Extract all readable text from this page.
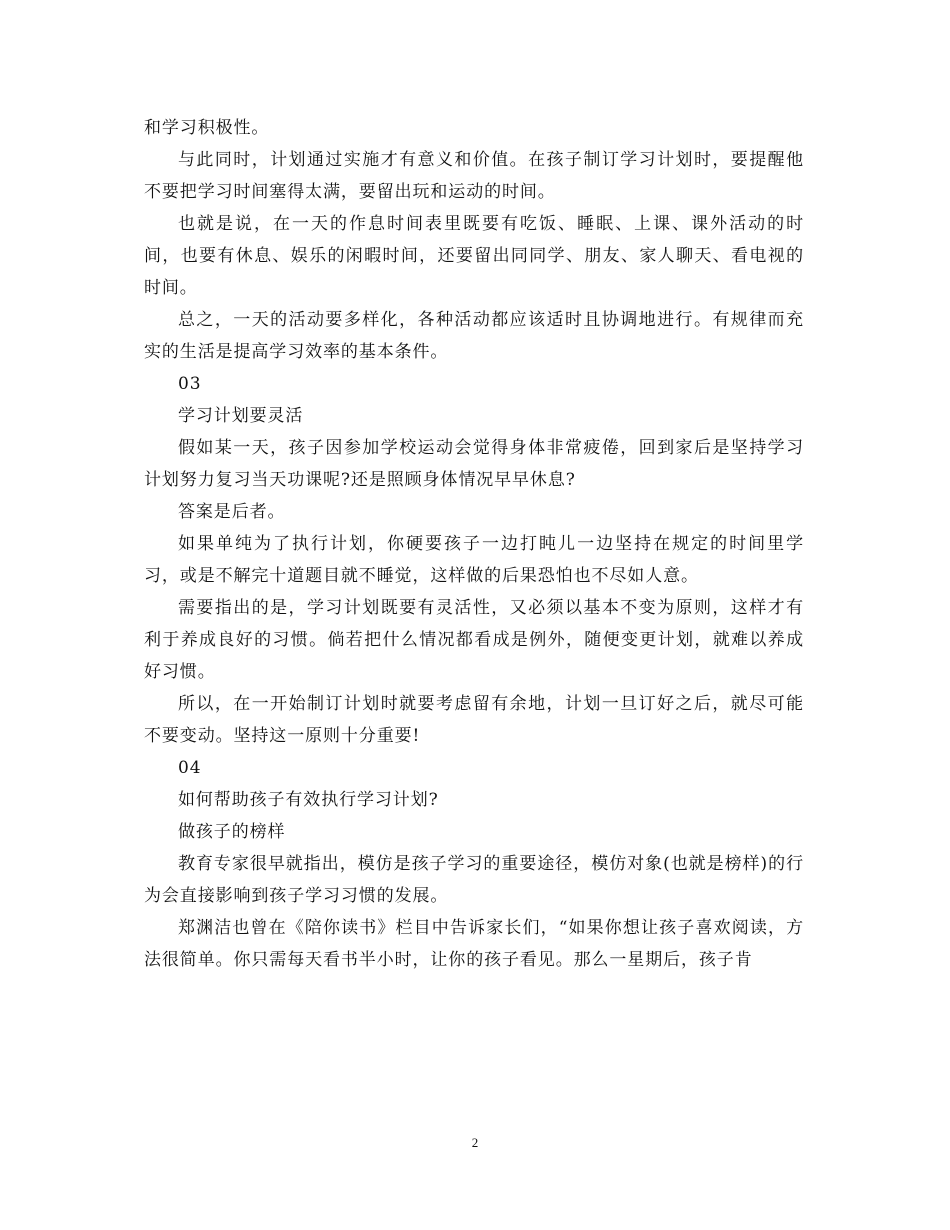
和学习积极性。

与此同时，计划通过实施才有意义和价值。在孩子制订学习计划时，要提醒他不要把学习时间塞得太满，要留出玩和运动的时间。

也就是说，在一天的作息时间表里既要有吃饭、睡眠、上课、课外活动的时间，也要有休息、娱乐的闲暇时间，还要留出同同学、朋友、家人聊天、看电视的时间。

总之，一天的活动要多样化，各种活动都应该适时且协调地进行。有规律而充实的生活是提高学习效率的基本条件。

03

学习计划要灵活

假如某一天，孩子因参加学校运动会觉得身体非常疲倦，回到家后是坚持学习计划努力复习当天功课呢?还是照顾身体情况早早休息?

答案是后者。

如果单纯为了执行计划，你硬要孩子一边打盹儿一边坚持在规定的时间里学习，或是不解完十道题目就不睡觉，这样做的后果恐怕也不尽如人意。

需要指出的是，学习计划既要有灵活性，又必须以基本不变为原则，这样才有利于养成良好的习惯。倘若把什么情况都看成是例外，随便变更计划，就难以养成好习惯。

所以，在一开始制订计划时就要考虑留有余地，计划一旦订好之后，就尽可能不要变动。坚持这一原则十分重要!

04

如何帮助孩子有效执行学习计划?

做孩子的榜样

教育专家很早就指出，模仿是孩子学习的重要途径，模仿对象(也就是榜样)的行为会直接影响到孩子学习习惯的发展。

郑渊洁也曾在《陪你读书》栏目中告诉家长们，“如果你想让孩子喜欢阅读，方法很简单。你只需每天看书半小时，让你的孩子看见。那么一星期后，孩子肯

2
